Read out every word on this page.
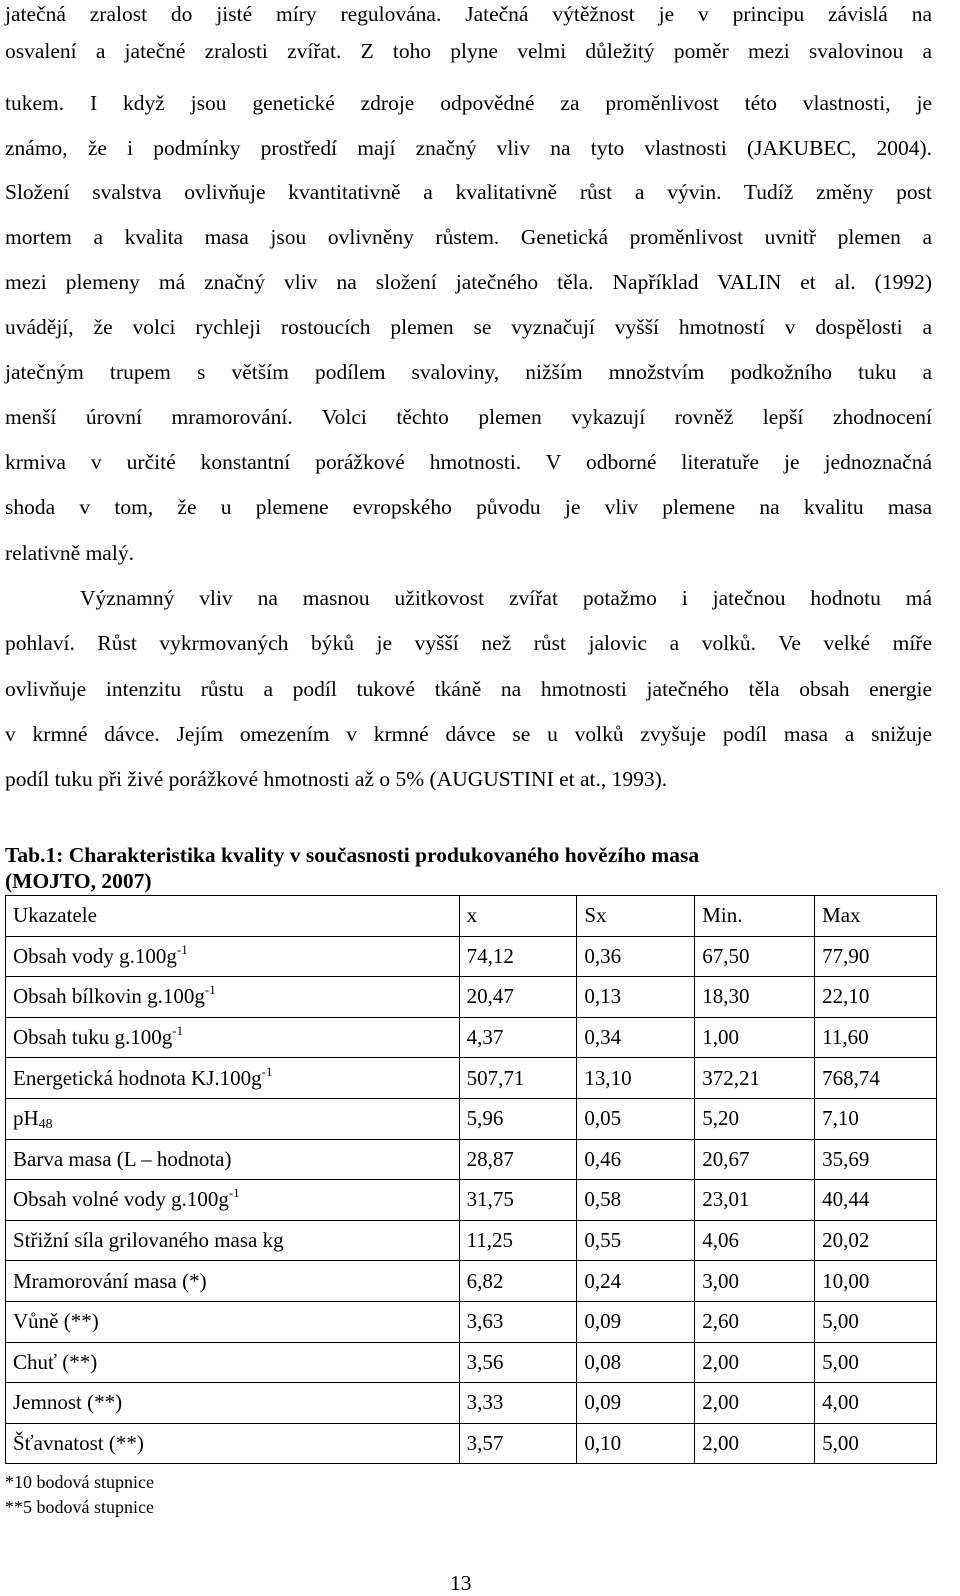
jatečná zralost do jisté míry regulována. Jatečná výtěžnost je v principu závislá na
osvalení a jatečné zralosti zvířat. Z toho plyne velmi důležitý poměr mezi svalovinou a
tukem. I když jsou genetické zdroje odpovědné za proměnlivost této vlastnosti, je
známo, že i podmínky prostředí mají značný vliv na tyto vlastnosti (JAKUBEC, 2004).
Složení svalstva ovlivňuje kvantitativně a kvalitativně růst a vývin. Tudíž změny post
mortem a kvalita masa jsou ovlivněny růstem. Genetická proměnlivost uvnitř plemen a
mezi plemeny má značný vliv na složení jatečného těla. Například VALIN et al. (1992)
uvádějí, že volci rychleji rostoucích plemen se vyznačují vyšší hmotností v dospělosti a
jatečným trupem s větším podílem svaloviny, nižším množstvím podkožního tuku a
menší úrovní mramorování. Volci těchto plemen vykazují rovněž lepší zhodnocení
krmiva v určité konstantní porážkové hmotnosti. V odborné literatuře je jednoznačná
shoda v tom, že u plemene evropského původu je vliv plemene na kvalitu masa
relativně malý.
Významný vliv na masnou užitkovost zvířat potažmo i jatečnou hodnotu má
pohlaví. Růst vykrmovaných býků je vyšší než růst jalovic a volků. Ve velké míře
ovlivňuje intenzitu růstu a podíl tukové tkáně na hmotnosti jatečného těla obsah energie
v krmné dávce. Jejím omezením v krmné dávce se u volků zvyšuje podíl masa a snižuje
podíl tuku při živé porážkové hmotnosti až o 5% (AUGUSTINI et at., 1993).
Tab.1: Charakteristika kvality v současnosti produkovaného hovězího masa
(MOJTO, 2007)
Ukazatele	x	Sx	Min.	Max
Obsah vody $g.100g^{-1}$	74,12	0,36	67,50	77,90
Obsah bílkovin $g.100g^{-1}$	20,47	0,13	18,30	22,10
Obsah tuku $g.100g^{-1}$	4,37	0,34	1,00	11,60
Energetická hodnota $KJ.100g^{-1}$	507,71	13,10	372,21	768,74
$pH_{48}$	5,96	0,05	5,20	7,10
Barva masa (L – hodnota)	28,87	0,46	20,67	35,69
Obsah volné vody $g.100g^{-1}$	31,75	0,58	23,01	40,44
Střižní síla grilovaného masa kg	11,25	0,55	4,06	20,02
Mramorování masa (*)	6,82	0,24	3,00	10,00
Vůně (**)	3,63	0,09	2,60	5,00
Chuť (**)	3,56	0,08	2,00	5,00
Jemnost (**)	3,33	0,09	2,00	4,00
Šťavnatost (**)	3,57	0,10	2,00	5,00
*10 bodová stupnice
**5 bodová stupnice
13
